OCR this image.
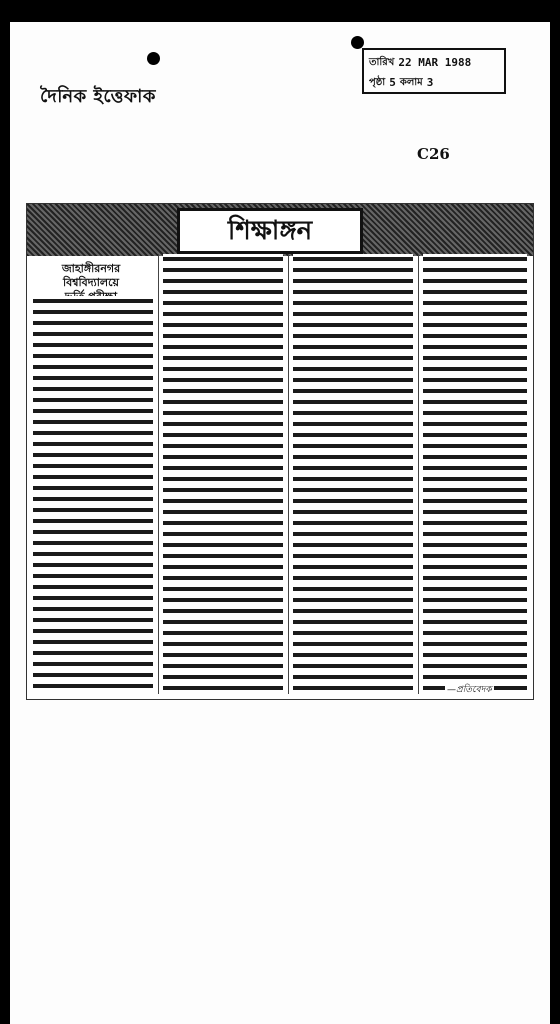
দৈনিক ইত্তেফাক
তারিখ 22 MAR 1988
পৃষ্ঠা 5 কলাম 3
C26
শিক্ষাঙ্গন
জাহাঙ্গীরনগর বিশ্ববিদ্যালয়ে
—প্রতিবেদক
